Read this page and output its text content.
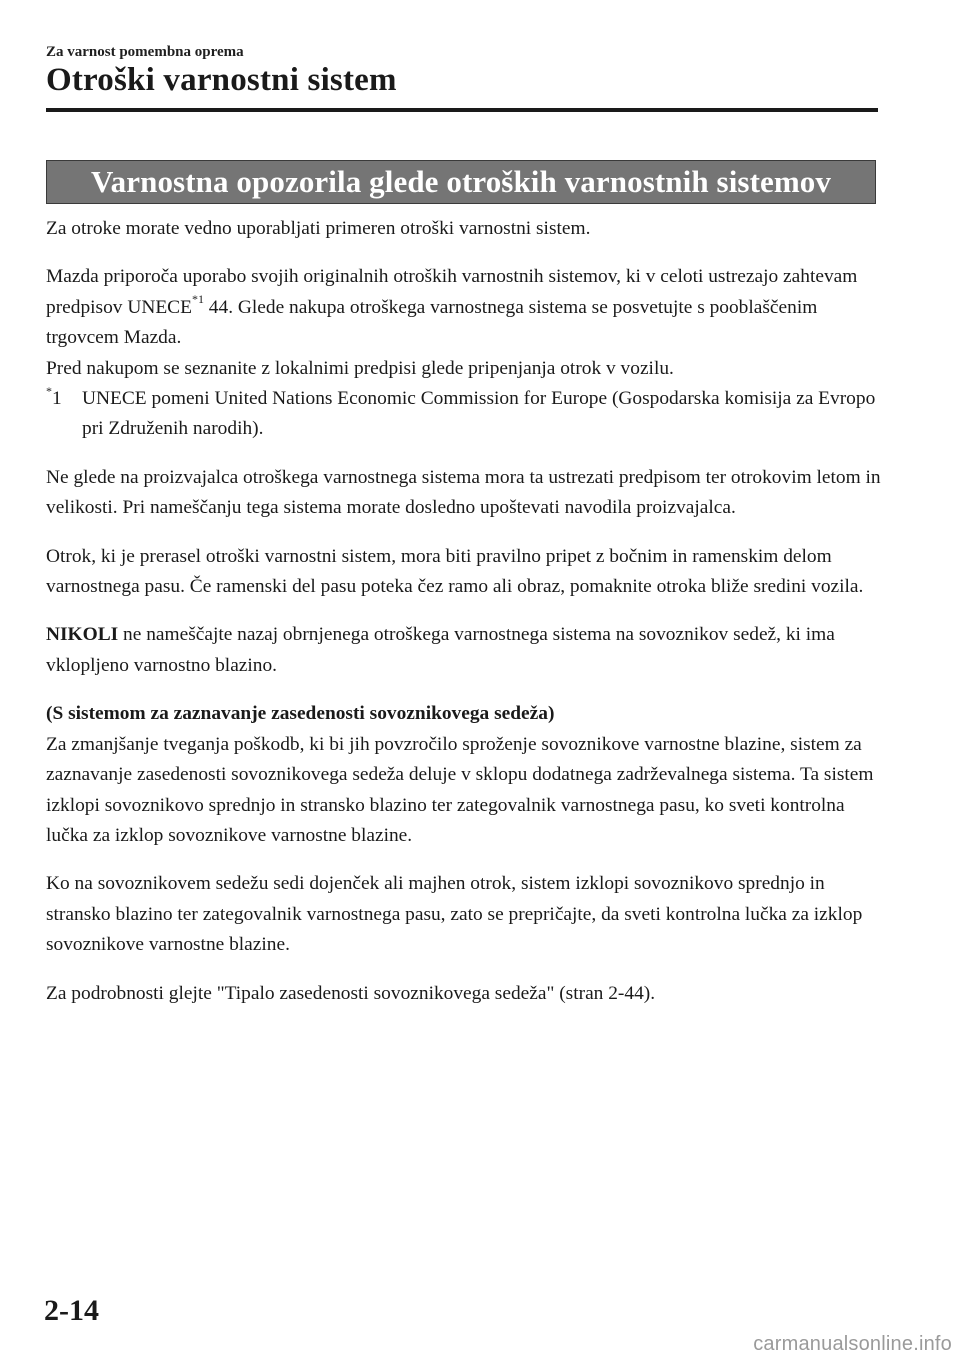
Za varnost pomembna oprema
Otroški varnostni sistem
Varnostna opozorila glede otroških varnostnih sistemov

Za otroke morate vedno uporabljati primeren otroški varnostni sistem.

Mazda priporoča uporabo svojih originalnih otroških varnostnih sistemov, ki v celoti ustrezajo zahtevam predpisov UNECE$^{*1}$ 44. Glede nakupa otroškega varnostnega sistema se posvetujte s pooblaščenim trgovcem Mazda.

Pred nakupom se seznanite z lokalnimi predpisi glede pripenjanja otrok v vozilu.

*1 UNECE pomeni United Nations Economic Commission for Europe (Gospodarska komisija za Evropo pri Združenih narodih).

Ne glede na proizvajalca otroškega varnostnega sistema mora ta ustrezati predpisom ter otrokovim letom in velikosti. Pri nameščanju tega sistema morate dosledno upoštevati navodila proizvajalca.

Otrok, ki je prerasel otroški varnostni sistem, mora biti pravilno pripet z bočnim in ramenskim delom varnostnega pasu. Če ramenski del pasu poteka čez ramo ali obraz, pomaknite otroka bliže sredini vozila.

NIKOLI ne nameščajte nazaj obrnjenega otroškega varnostnega sistema na sovoznikov sedež, ki ima vklopljeno varnostno blazino.

(S sistemom za zaznavanje zasedenosti sovoznikovega sedeža)

Za zmanjšanje tveganja poškodb, ki bi jih povzročilo sproženje sovoznikove varnostne blazine, sistem za zaznavanje zasedenosti sovoznikovega sedeža deluje v sklopu dodatnega zadrževalnega sistema. Ta sistem izklopi sovoznikovo sprednjo in stransko blazino ter zategovalnik varnostnega pasu, ko sveti kontrolna lučka za izklop sovoznikove varnostne blazine.

Ko na sovoznikovem sedežu sedi dojenček ali majhen otrok, sistem izklopi sovoznikovo sprednjo in stransko blazino ter zategovalnik varnostnega pasu, zato se prepričajte, da sveti kontrolna lučka za izklop sovoznikove varnostne blazine.

Za podrobnosti glejte "Tipalo zasedenosti sovoznikovega sedeža" (stran 2-44).

2-14
carmanualsonline.info
